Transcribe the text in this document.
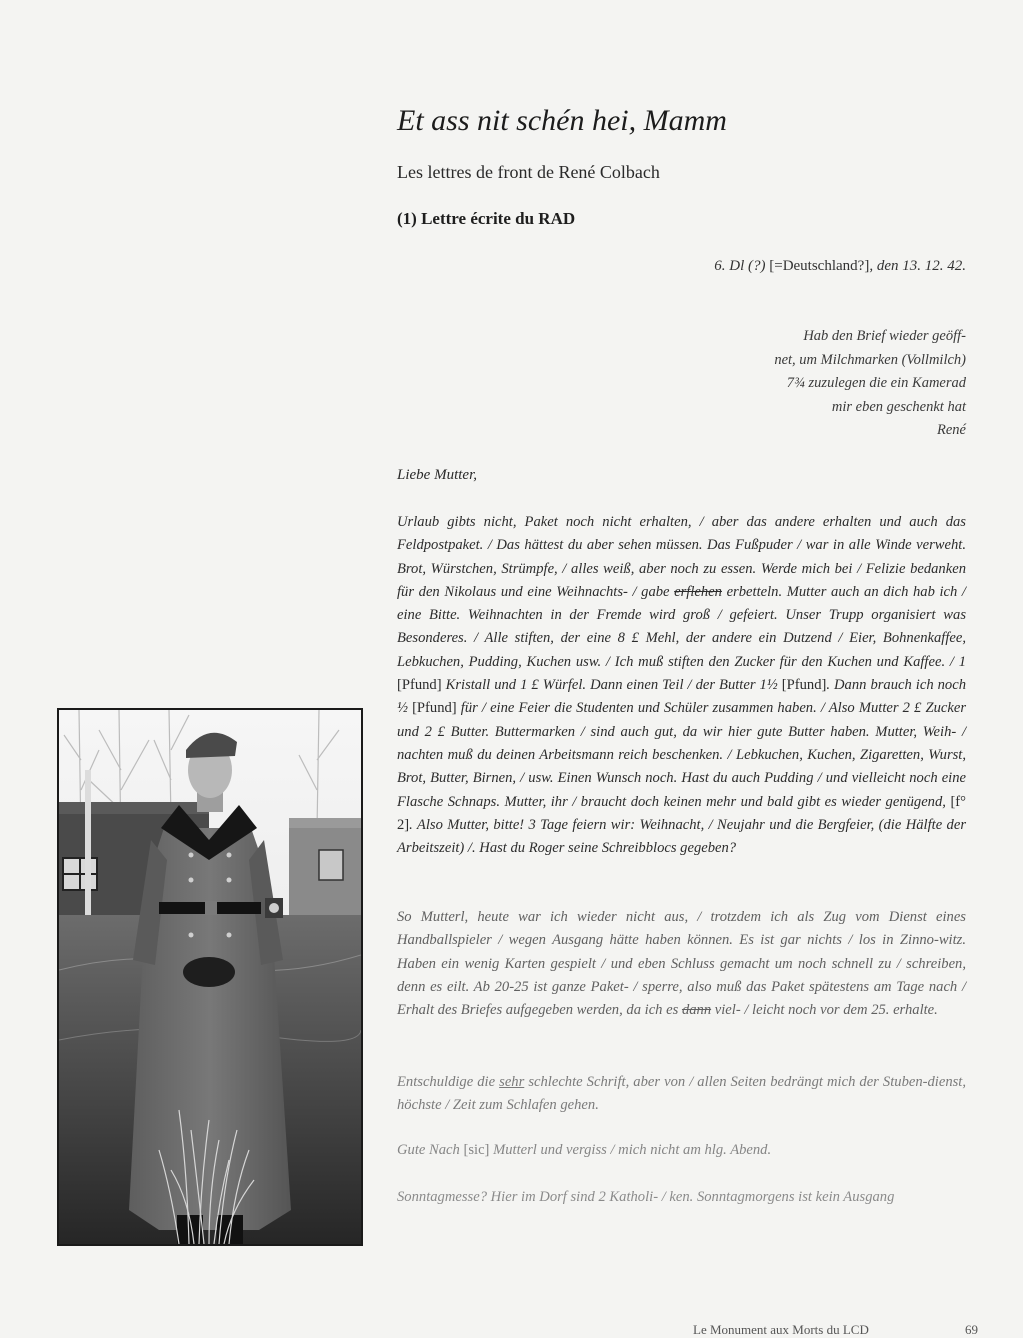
Et ass nit schén hei, Mamm
Les lettres de front de René Colbach
(1) Lettre écrite du RAD
6. Dl (?) [=Deutschland?], den 13. 12. 42.
Hab den Brief wieder geöff-
net, um Milchmarken (Vollmilch)
7¾ zuzulegen die ein Kamerad
mir eben geschenkt hat
René
Liebe Mutter,
Urlaub gibts nicht, Paket noch nicht erhalten, / aber das andere erhalten und auch das Feldpostpaket. / Das hättest du aber sehen müssen. Das Fußpuder / war in alle Winde verweht. Brot, Würstchen, Strümpfe, / alles weiß, aber noch zu essen. Werde mich bei / Felizie bedanken für den Nikolaus und eine Weihnachts- / gabe erflehen erbetteln. Mutter auch an dich hab ich / eine Bitte. Weihnachten in der Fremde wird groß / gefeiert. Unser Trupp organisiert was Besonderes. / Alle stiften, der eine 8 £ Mehl, der andere ein Dutzend / Eier, Bohnenkaffee, Lebkuchen, Pudding, Kuchen usw. / Ich muß stiften den Zucker für den Kuchen und Kaffee. / 1 [Pfund] Kristall und 1 £ Würfel. Dann einen Teil / der Butter 1½ [Pfund]. Dann brauch ich noch ½ [Pfund] für / eine Feier die Studenten und Schüler zusammen haben. / Also Mutter 2 £ Zucker und 2 £ Butter. Buttermarken / sind auch gut, da wir hier gute Butter haben. Mutter, Weih- / nachten muß du deinen Arbeitsmann reich beschenken. / Lebkuchen, Kuchen, Zigaretten, Wurst, Brot, Butter, Birnen, / usw. Einen Wunsch noch. Hast du auch Pudding / und vielleicht noch eine Flasche Schnaps. Mutter, ihr / braucht doch keinen mehr und bald gibt es wieder genügend, [f° 2]. Also Mutter, bitte! 3 Tage feiern wir: Weihnacht, / Neujahr und die Bergfeier, (die Hälfte der Arbeitszeit) /. Hast du Roger seine Schreibblocs gegeben?
So Mutterl, heute war ich wieder nicht aus, / trotzdem ich als Zug vom Dienst eines Handballspieler / wegen Ausgang hätte haben können. Es ist gar nichts / los in Zinno-witz. Haben ein wenig Karten gespielt / und eben Schluss gemacht um noch schnell zu / schreiben, denn es eilt. Ab 20-25 ist ganze Paket- / sperre, also muß das Paket spätestens am Tage nach / Erhalt des Briefes aufgegeben werden, da ich es dann viel- / leicht noch vor dem 25. erhalte.
Entschuldige die sehr schlechte Schrift, aber von / allen Seiten bedrängt mich der Stuben-dienst, höchste / Zeit zum Schlafen gehen.
Gute Nach [sic] Mutterl und vergiss / mich nicht am hlg. Abend.
Sonntagmesse? Hier im Dorf sind 2 Katholi- / ken. Sonntagmorgens ist kein Ausgang
Le Monument aux Morts du LCD	69
